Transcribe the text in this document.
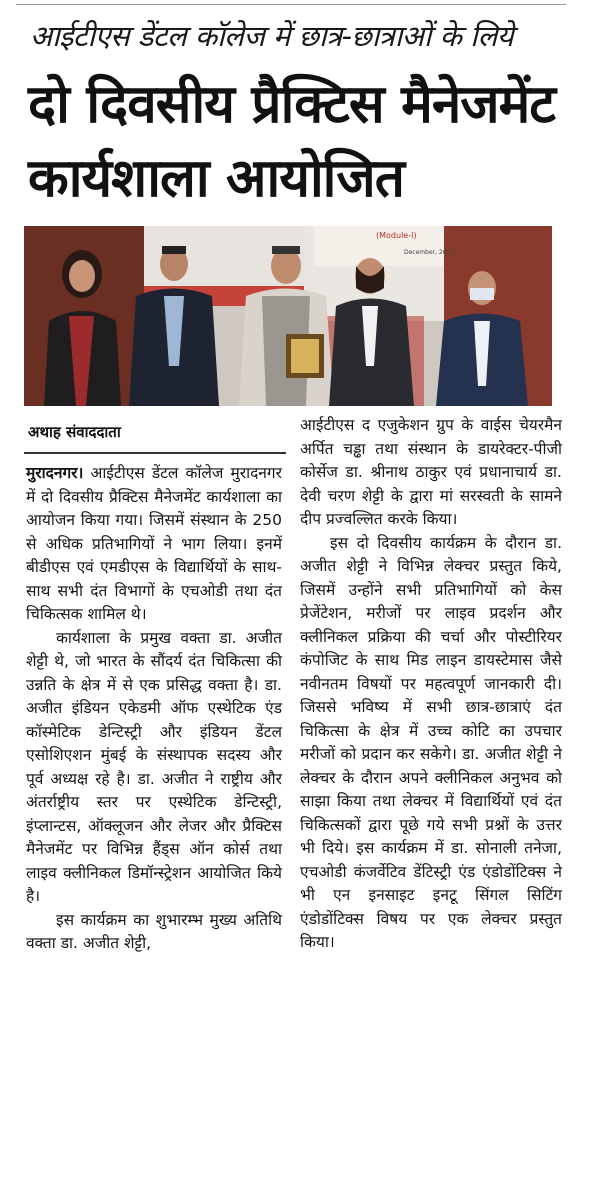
आईटीएस डेंटल कॉलेज में छात्र-छात्राओं के लिये
दो दिवसीय प्रैक्टिस मैनेजमेंट कार्यशाला आयोजित
(Module-I)
December, 2021
अथाह संवाददाता

मुरादनगर। आईटीएस डेंटल कॉलेज मुरादनगर में दो दिवसीय प्रैक्टिस मैनेजमेंट कार्यशाला का आयोजन किया गया। जिसमें संस्थान के 250 से अधिक प्रतिभागियों ने भाग लिया। इनमें बीडीएस एवं एमडीएस के विद्यार्थियों के साथ-साथ सभी दंत विभागों के एचओडी तथा दंत चिकित्सक शामिल थे।

कार्यशाला के प्रमुख वक्ता डा. अजीत शेट्टी थे, जो भारत के सौंदर्य दंत चिकित्सा की उन्नति के क्षेत्र में से एक प्रसिद्ध वक्ता है। डा. अजीत इंडियन एकेडमी ऑफ एस्थेटिक एंड कॉस्मेटिक डेन्टिस्ट्री और इंडियन डेंटल एसोशिएशन मुंबई के संस्थापक सदस्य और पूर्व अध्यक्ष रहे है। डा. अजीत ने राष्ट्रीय और अंतर्राष्ट्रीय स्तर पर एस्थेटिक डेन्टिस्ट्री, इंप्लान्टस, ऑक्लूजन और लेजर और प्रैक्टिस मैनेजमेंट पर विभिन्न हैंड्स ऑन कोर्स तथा लाइव क्लीनिकल डिमॉन्स्ट्रेशन आयोजित किये है।

इस कार्यक्रम का शुभारम्भ मुख्य अतिथि वक्ता डा. अजीत शेट्टी,

आईटीएस द एजुकेशन ग्रुप के वाईस चेयरमैन अर्पित चड्ढा तथा संस्थान के डायरेक्टर-पीजी कोर्सेज डा. श्रीनाथ ठाकुर एवं प्रधानाचार्य डा. देवी चरण शेट्टी के द्वारा मां सरस्वती के सामने दीप प्रज्वल्लित करके किया।

इस दो दिवसीय कार्यक्रम के दौरान डा. अजीत शेट्टी ने विभिन्न लेक्चर प्रस्तुत किये, जिसमें उन्होंने सभी प्रतिभागियों को केस प्रेजेंटेशन, मरीजों पर लाइव प्रदर्शन और क्लीनिकल प्रक्रिया की चर्चा और पोस्टीरियर कंपोजिट के साथ मिड लाइन डायस्टेमास जैसे नवीनतम विषयों पर महत्वपूर्ण जानकारी दी। जिससे भविष्य में सभी छात्र-छात्राएं दंत चिकित्सा के क्षेत्र में उच्च कोटि का उपचार मरीजों को प्रदान कर सकेगे। डा. अजीत शेट्टी ने लेक्चर के दौरान अपने क्लीनिकल अनुभव को साझा किया तथा लेक्चर में विद्यार्थियों एवं दंत चिकित्सकों द्वारा पूछे गये सभी प्रश्नों के उत्तर भी दिये। इस कार्यक्रम में डा. सोनाली तनेजा, एचओडी कंजर्वेटिव डेंटिस्ट्री एंड एंडोडोंटिक्स ने भी एन इनसाइट इनटू सिंगल सिटिंग एंडोडोंटिक्स विषय पर एक लेक्चर प्रस्तुत किया।
